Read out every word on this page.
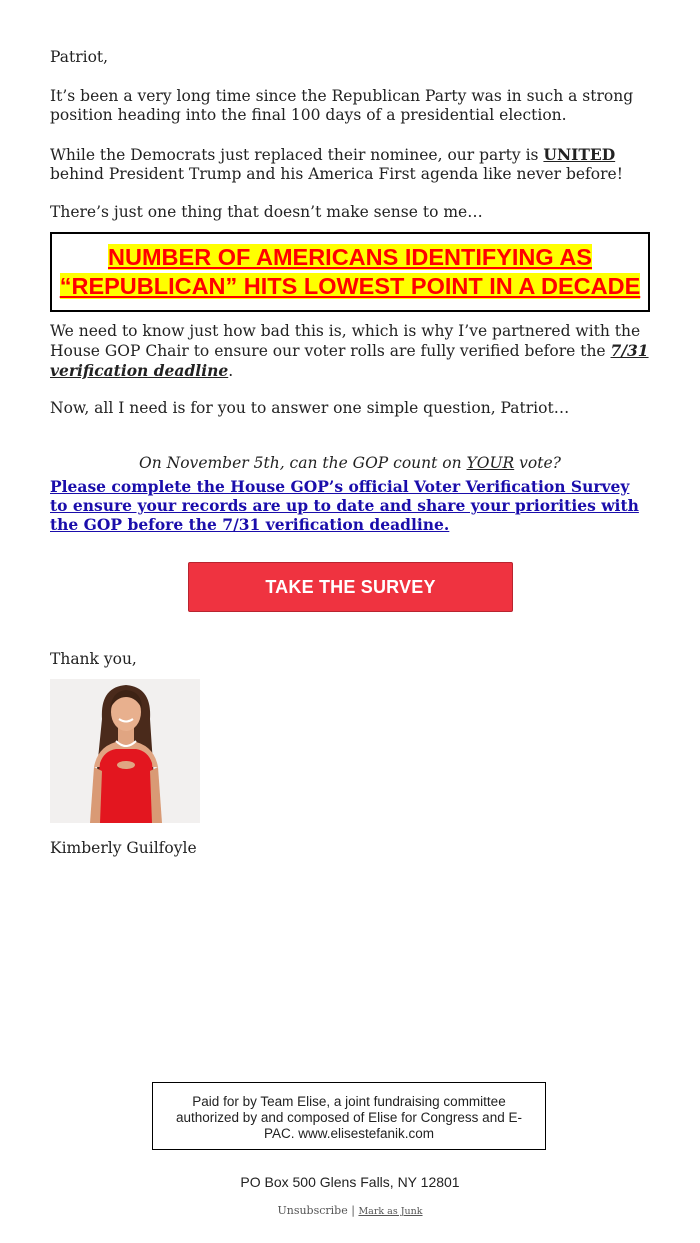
Patriot,

It’s been a very long time since the Republican Party was in such a strong position heading into the final 100 days of a presidential election.

While the Democrats just replaced their nominee, our party is UNITED behind President Trump and his America First agenda like never before!

There’s just one thing that doesn’t make sense to me…

NUMBER OF AMERICANS IDENTIFYING AS
“REPUBLICAN” HITS LOWEST POINT IN A DECADE

We need to know just how bad this is, which is why I’ve partnered with the House GOP Chair to ensure our voter rolls are fully verified before the 7/31 verification deadline.

Now, all I need is for you to answer one simple question, Patriot…

On November 5th, can the GOP count on YOUR vote?

Please complete the House GOP’s official Voter Verification Survey to ensure your records are up to date and share your priorities with the GOP before the 7/31 verification deadline.
TAKE THE SURVEY

Thank you,

Kimberly Guilfoyle

Paid for by Team Elise, a joint fundraising committee authorized by and composed of Elise for Congress and E-PAC. www.elisestefanik.com
PO Box 500 Glens Falls, NY 12801
Unsubscribe | Mark as Junk
